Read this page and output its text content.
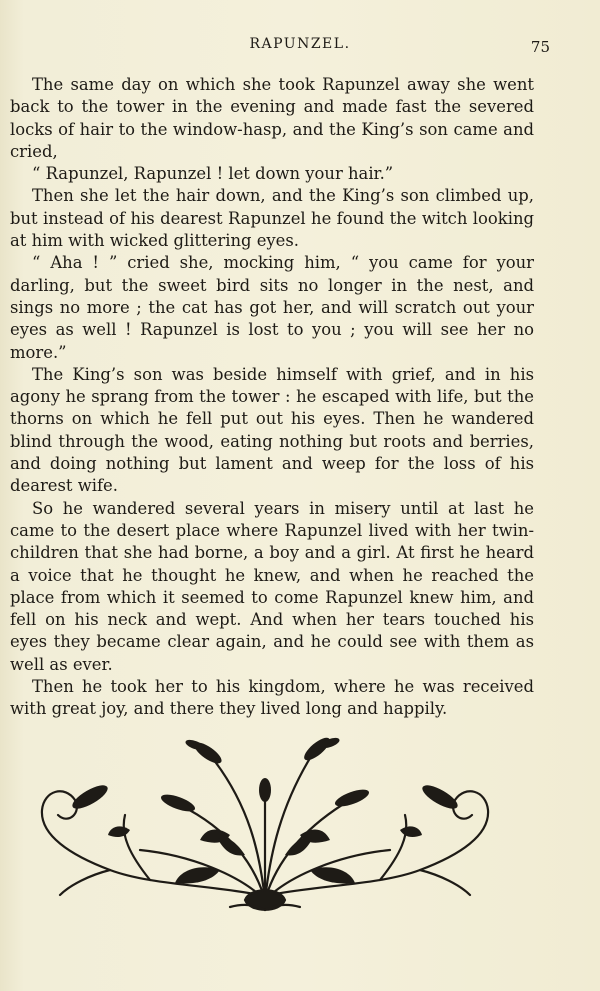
RAPUNZEL.	75

The same day on which she took Rapunzel away she went back to the tower in the evening and made fast the severed locks of hair to the window-hasp, and the King’s son came and cried,

“ Rapunzel, Rapunzel ! let down your hair.”

Then she let the hair down, and the King’s son climbed up, but instead of his dearest Rapunzel he found the witch looking at him with wicked glittering eyes.

“ Aha ! ” cried she, mocking him, “ you came for your darling, but the sweet bird sits no longer in the nest, and sings no more ; the cat has got her, and will scratch out your eyes as well ! Rapunzel is lost to you ; you will see her no more.”

The King’s son was beside himself with grief, and in his agony he sprang from the tower : he escaped with life, but the thorns on which he fell put out his eyes. Then he wandered blind through the wood, eating nothing but roots and berries, and doing nothing but lament and weep for the loss of his dearest wife.

So he wandered several years in misery until at last he came to the desert place where Rapunzel lived with her twin-children that she had borne, a boy and a girl. At first he heard a voice that he thought he knew, and when he reached the place from which it seemed to come Rapunzel knew him, and fell on his neck and wept. And when her tears touched his eyes they became clear again, and he could see with them as well as ever.

Then he took her to his kingdom, where he was received with great joy, and there they lived long and happily.
